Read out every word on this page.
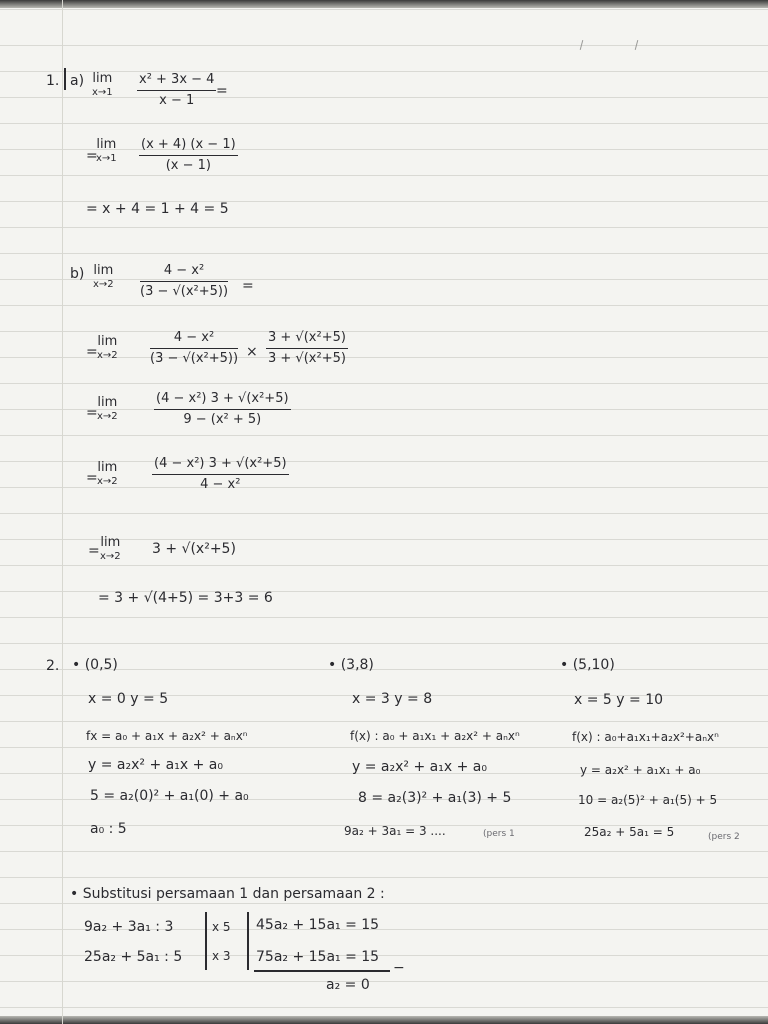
1. a) lim
$x\to 1 \frac{\text{x² + 3x − 4}}{x - 1}$ =
=
lim
$x\to 1 \frac{(x + 4) (x - 1)}{(x - 1)}$
= x + 4 = 1 + 4 = 5
b) lim
$x\to 2 \frac{\text{4 − x²}}{\text{(3 − √(x²+5))}}$ =
=
lim
$x\to 2 \frac{\text{4 − x²}}{\text{(3 − √(x²+5))}} \times \frac{\text{3 + √(x²+5)}}{\text{3 + √(x²+5)}}$
=
lim
x→2	$\frac{\text{(4 − x²) 3 + √(x²+5)}}{\text{9 − (x² + 5)}}$
=
lim
x→2	$\frac{\text{(4 − x²) 3 + √(x²+5)}}{\text{4 − x²}}$
=
lim
x→2 3 + √(x²+5)
= 3 + √(4+5) = 3+3 = 6
2. • (0,5)
x = 0 y = 5
fx = a₀ + a₁x + a₂x² + aₙxⁿ
y = a₂x² + a₁x + a₀
5 = a₂(0)² + a₁(0) + a₀
a₀ : 5
• (3,8)
x = 3 y = 8
f(x) : a₀ + a₁x₁ + a₂x² + aₙxⁿ
y = a₂x² + a₁x + a₀
8 = a₂(3)² + a₁(3) + 5
9a₂ + 3a₁ = 3 ....	(pers 1
• (5,10)
x = 5 y = 10
f(x) : a₀+a₁x₁+a₂x²+aₙxⁿ
y = a₂x² + a₁x₁ + a₀
10 = a₂(5)² + a₁(5) + 5
25a₂ + 5a₁ = 5	(pers 2
• Substitusi persamaan 1 dan persamaan 2 :
9a₂ + 3a₁ : 3
25a₂ + 5a₁ : 5
x 5
x 3
45a₂ + 15a₁ = 15
75a₂ + 15a₁ = 15
−
a₂ = 0
